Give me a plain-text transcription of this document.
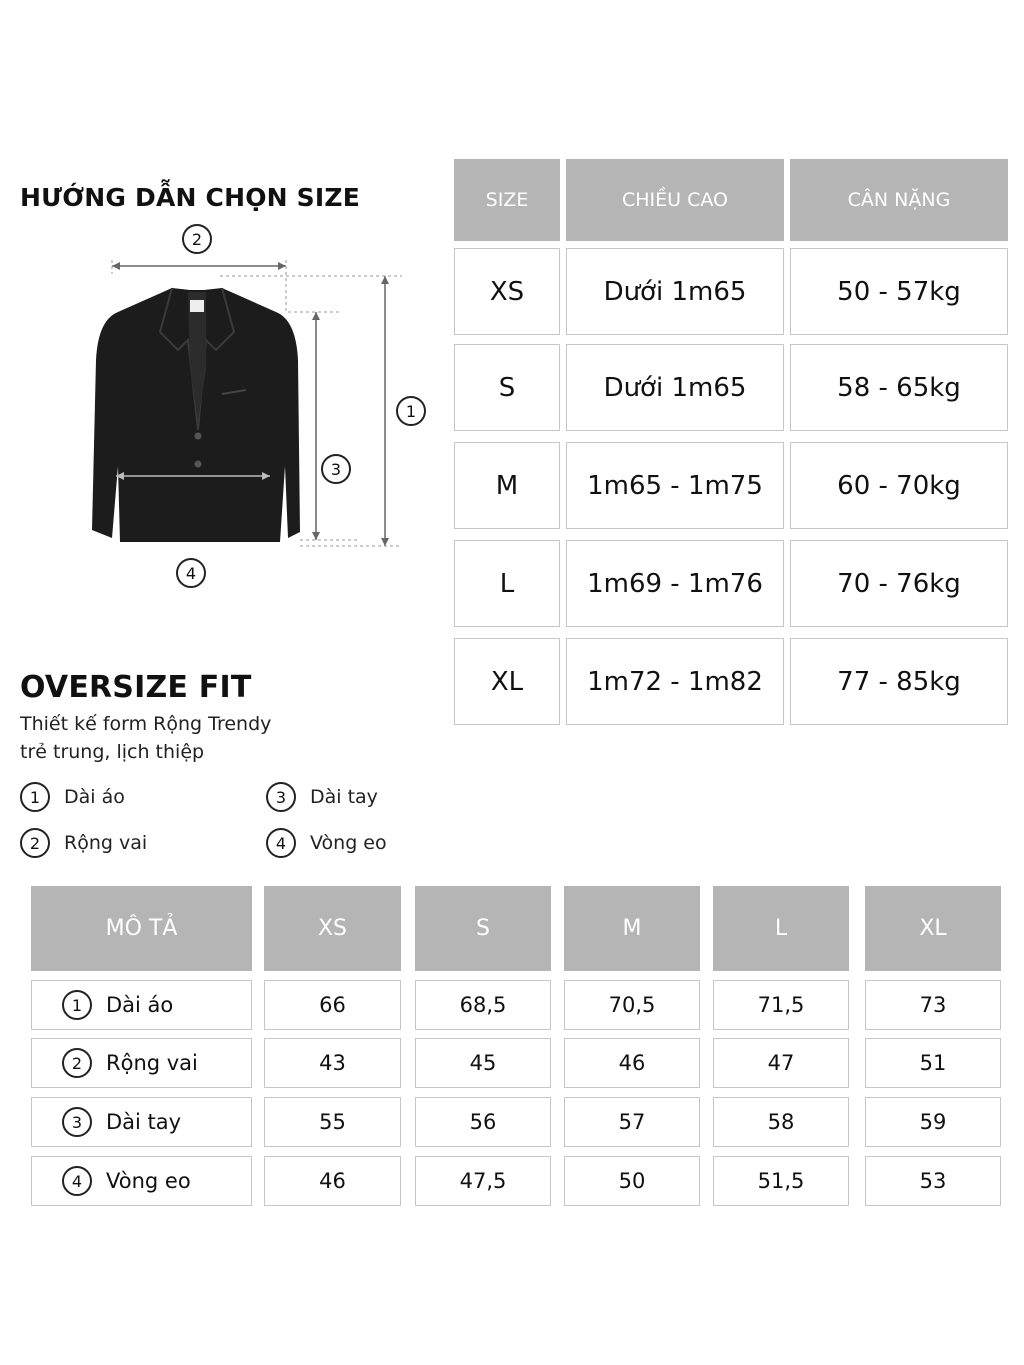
HƯỚNG DẪN CHỌN SIZE
2
1
3
4
OVERSIZE FIT
Thiết kế form Rộng Trendy
trẻ trung, lịch thiệp
1	Dài áo	3	Dài tay
2	Rộng vai	4	Vòng eo
SIZE	CHIỀU CAO	CÂN NẶNG
XS	Dưới 1m65	50 - 57kg
S	Dưới 1m65	58 - 65kg
M	1m65 - 1m75	60 - 70kg
L	1m69 - 1m76	70 - 76kg
XL	1m72 - 1m82	77 - 85kg
MÔ TẢ	XS	S	M	L	XL
1	Dài áo	66	68,5	70,5	71,5	73
2	Rộng vai	43	45	46	47	51
3	Dài tay	55	56	57	58	59
4	Vòng eo	46	47,5	50	51,5	53
